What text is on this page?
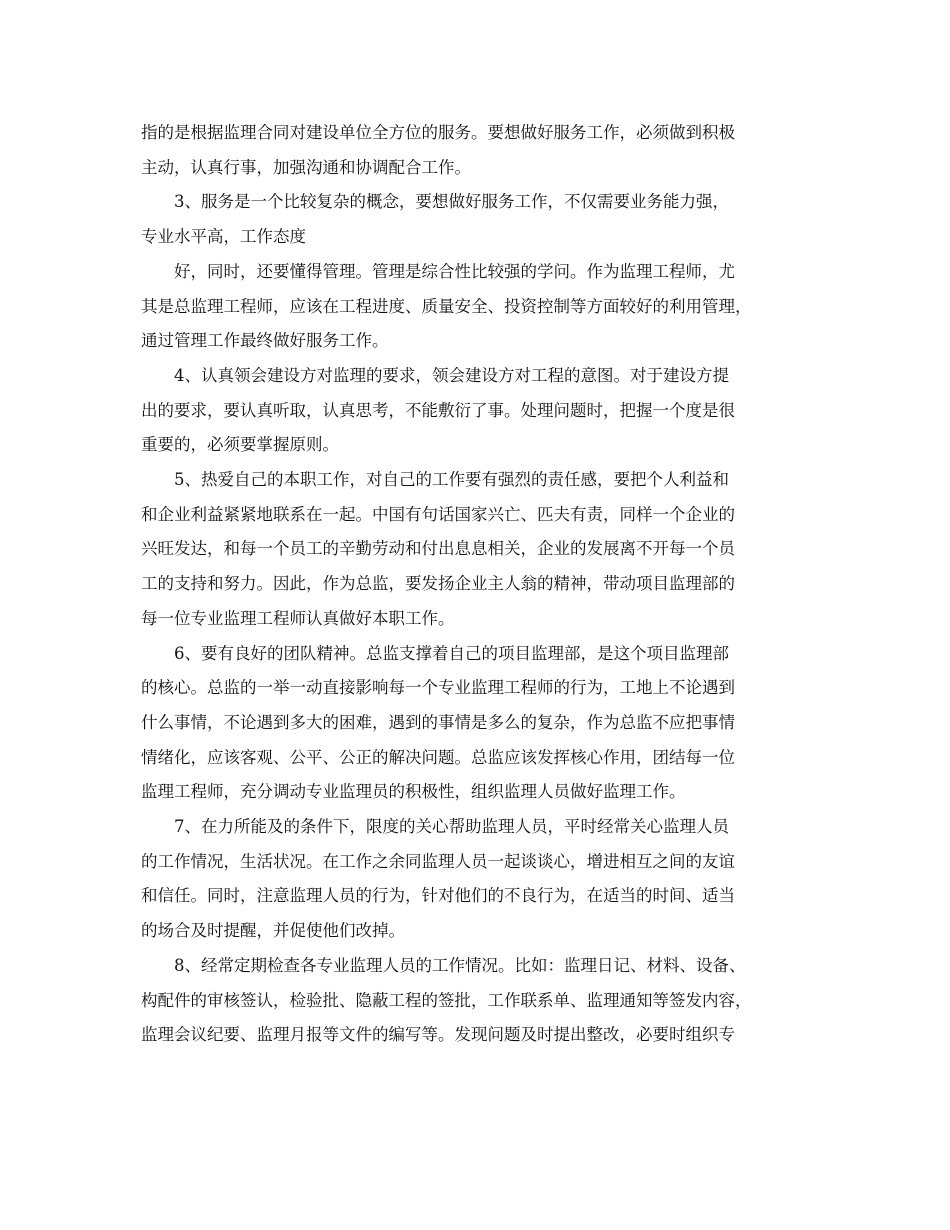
指的是根据监理合同对建设单位全方位的服务。要想做好服务工作，必须做到积极
主动，认真行事，加强沟通和协调配合工作。
3、服务是一个比较复杂的概念，要想做好服务工作，不仅需要业务能力强，
专业水平高，工作态度
好，同时，还要懂得管理。管理是综合性比较强的学问。作为监理工程师，尤
其是总监理工程师，应该在工程进度、质量安全、投资控制等方面较好的利用管理，
通过管理工作最终做好服务工作。
4、认真领会建设方对监理的要求，领会建设方对工程的意图。对于建设方提
出的要求，要认真听取，认真思考，不能敷衍了事。处理问题时，把握一个度是很
重要的，必须要掌握原则。
5、热爱自己的本职工作，对自己的工作要有强烈的责任感，要把个人利益和
和企业利益紧紧地联系在一起。中国有句话国家兴亡、匹夫有责，同样一个企业的
兴旺发达，和每一个员工的辛勤劳动和付出息息相关，企业的发展离不开每一个员
工的支持和努力。因此，作为总监，要发扬企业主人翁的精神，带动项目监理部的
每一位专业监理工程师认真做好本职工作。
6、要有良好的团队精神。总监支撑着自己的项目监理部，是这个项目监理部
的核心。总监的一举一动直接影响每一个专业监理工程师的行为，工地上不论遇到
什么事情，不论遇到多大的困难，遇到的事情是多么的复杂，作为总监不应把事情
情绪化，应该客观、公平、公正的解决问题。总监应该发挥核心作用，团结每一位
监理工程师，充分调动专业监理员的积极性，组织监理人员做好监理工作。
7、在力所能及的条件下，限度的关心帮助监理人员，平时经常关心监理人员
的工作情况，生活状况。在工作之余同监理人员一起谈谈心，增进相互之间的友谊
和信任。同时，注意监理人员的行为，针对他们的不良行为，在适当的时间、适当
的场合及时提醒，并促使他们改掉。
8、经常定期检查各专业监理人员的工作情况。比如：监理日记、材料、设备、
构配件的审核签认，检验批、隐蔽工程的签批，工作联系单、监理通知等签发内容，
监理会议纪要、监理月报等文件的编写等。发现问题及时提出整改，必要时组织专
